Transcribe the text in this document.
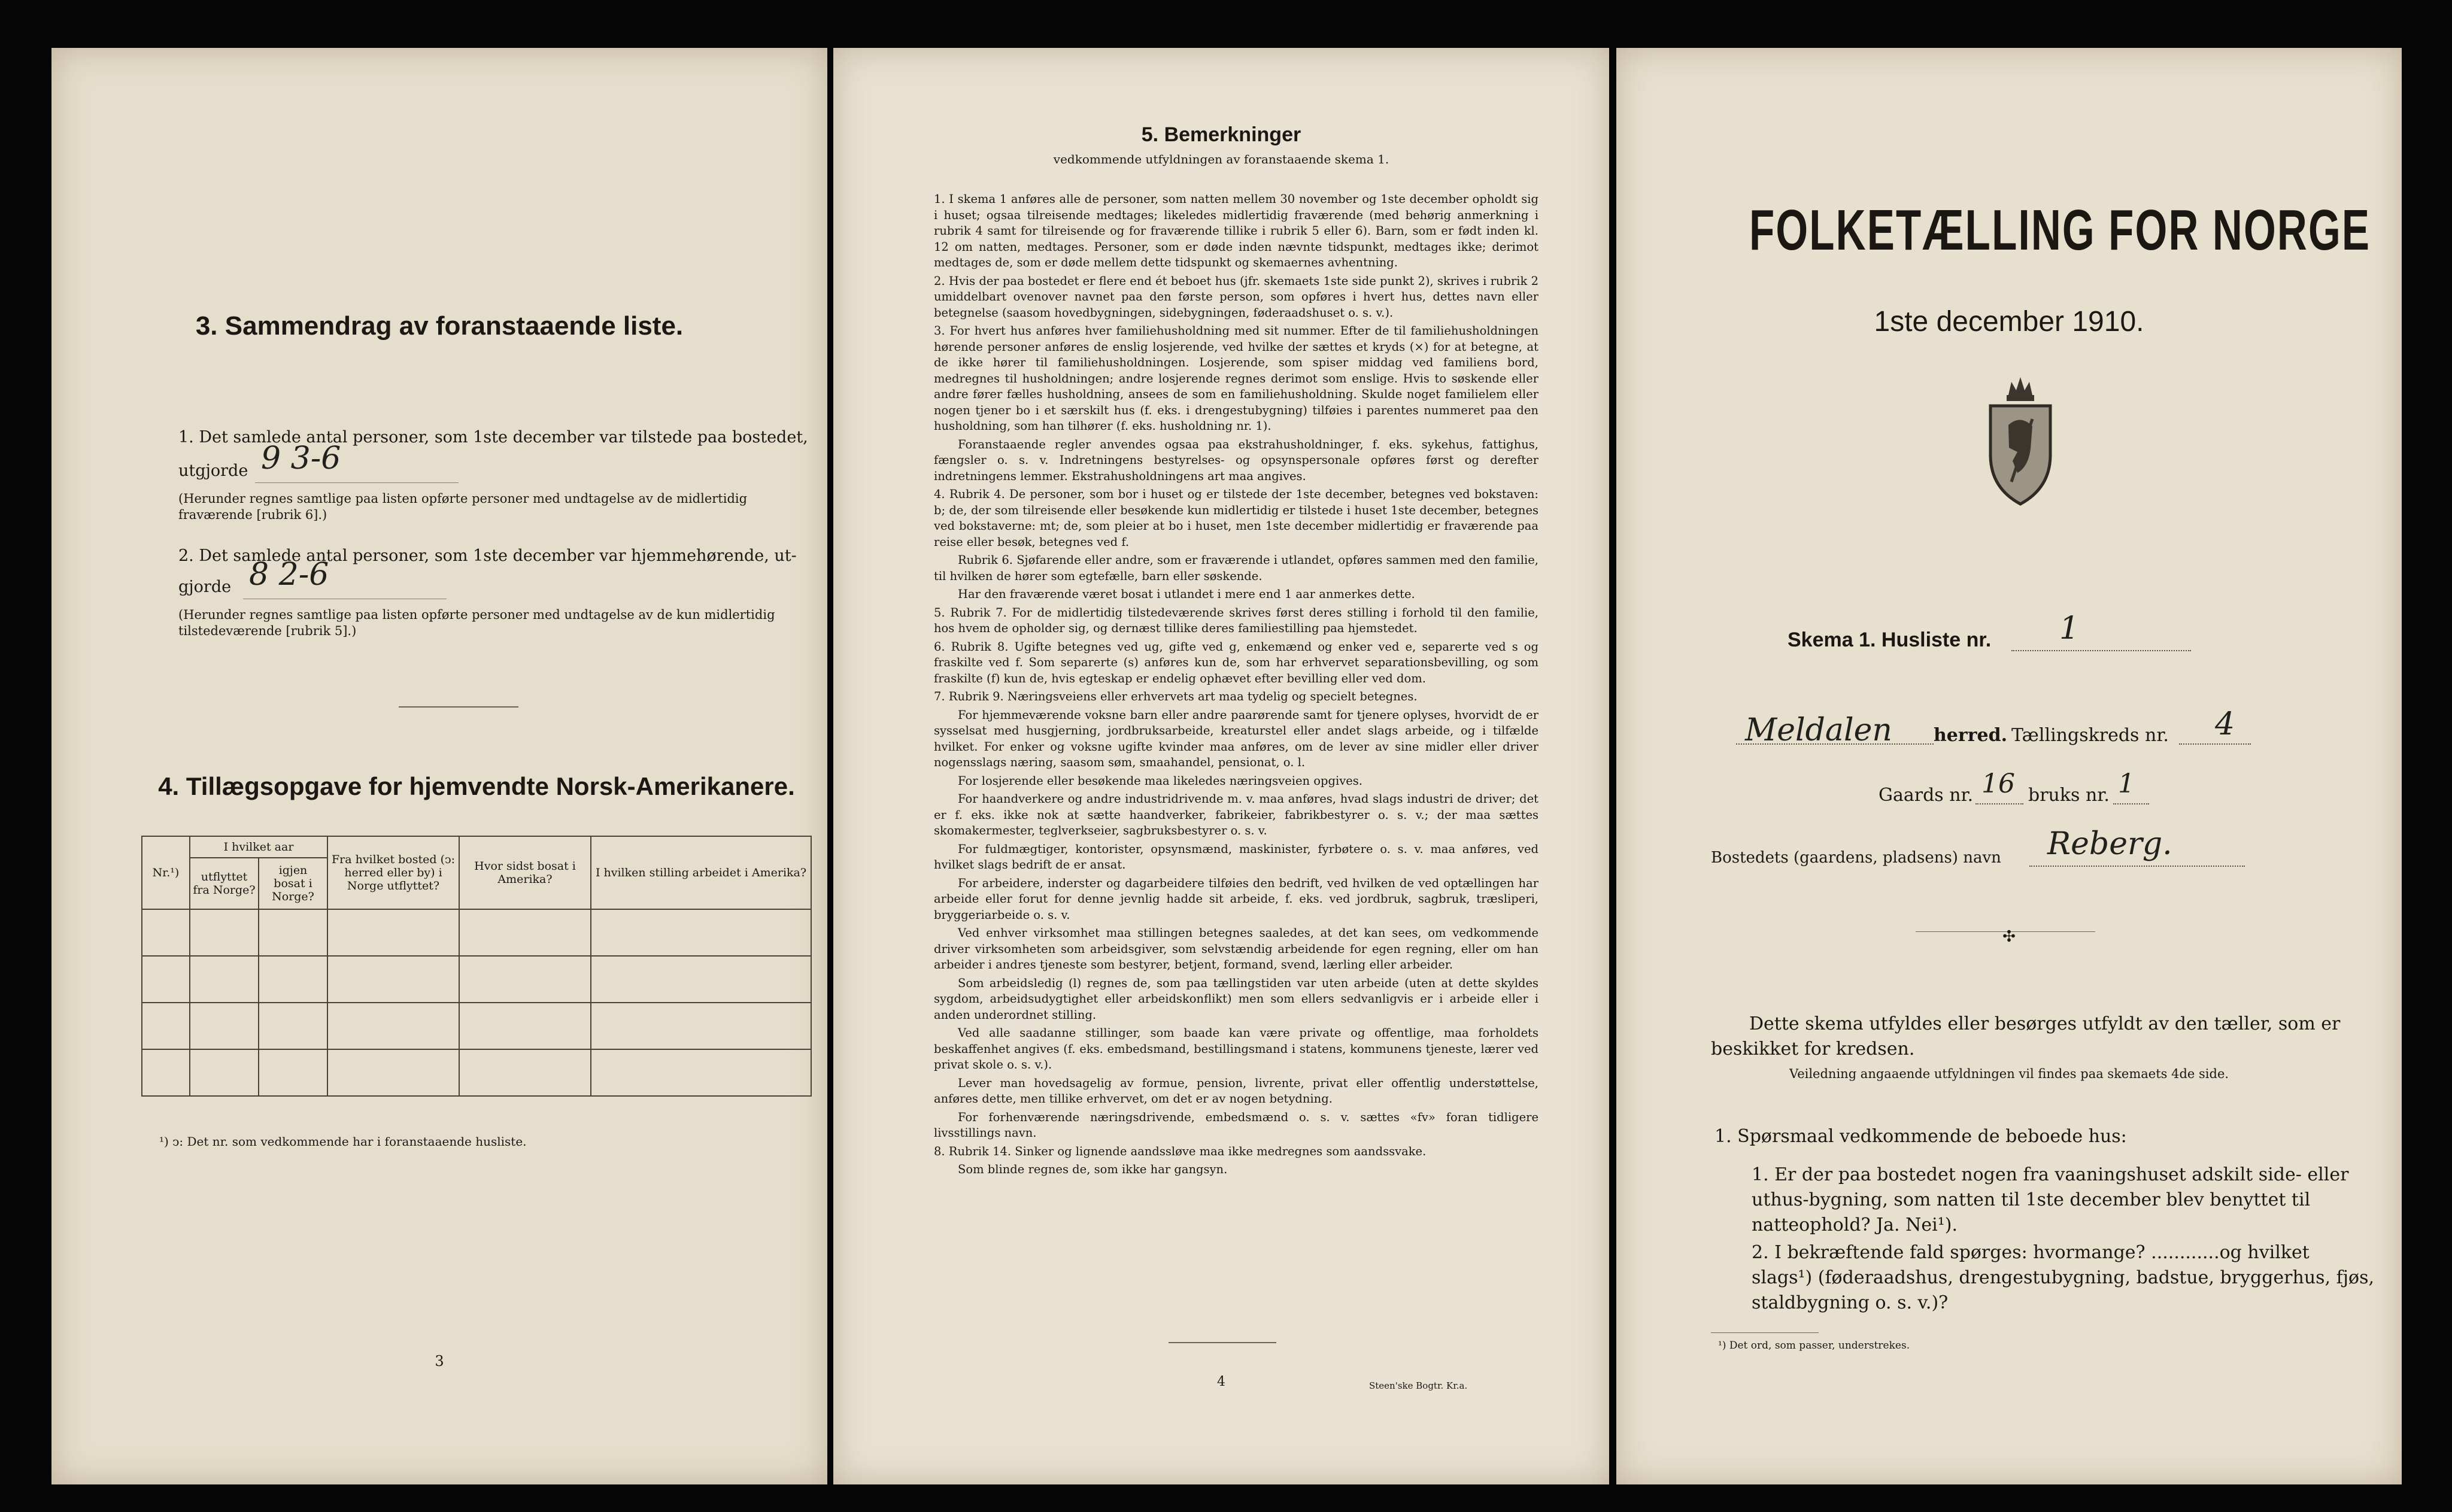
3. Sammendrag av foranstaaende liste.
1. Det samlede antal personer, som 1ste december var tilstede paa bostedet,
utgjorde 9 3-6
(Herunder regnes samtlige paa listen opførte personer med undtagelse av de midlertidig fraværende [rubrik 6].)
2. Det samlede antal personer, som 1ste december var hjemmehørende, ut-
gjorde 8 2-6
(Herunder regnes samtlige paa listen opførte personer med undtagelse av de kun midlertidig tilstedeværende [rubrik 5].)
4. Tillægsopgave for hjemvendte Norsk-Amerikanere.
Nr.¹)	I hvilket aar		Fra hvilket bosted (ↄ: herred eller by) i Norge utflyttet?	Hvor sidst bosat i Amerika?	I hvilken stilling arbeidet i Amerika?
	utflyttet fra Norge?	igjen bosat i Norge?			

¹) ↄ: Det nr. som vedkommende har i foranstaaende husliste.
3
5. Bemerkninger
vedkommende utfyldningen av foranstaaende skema 1.

1. I skema 1 anføres alle de personer, som natten mellem 30 november og 1ste december opholdt sig i huset; ogsaa tilreisende medtages; likeledes midlertidig fraværende (med behørig anmerkning i rubrik 4 samt for tilreisende og for fraværende tillike i rubrik 5 eller 6). Barn, som er født inden kl. 12 om natten, medtages. Personer, som er døde inden nævnte tidspunkt, medtages ikke; derimot medtages de, som er døde mellem dette tidspunkt og skemaernes avhentning.

2. Hvis der paa bostedet er flere end ét beboet hus (jfr. skemaets 1ste side punkt 2), skrives i rubrik 2 umiddelbart ovenover navnet paa den første person, som opføres i hvert hus, dettes navn eller betegnelse (saasom hovedbygningen, sidebygningen, føderaadshuset o. s. v.).

3. For hvert hus anføres hver familiehusholdning med sit nummer. Efter de til familiehusholdningen hørende personer anføres de enslig losjerende, ved hvilke der sættes et kryds (×) for at betegne, at de ikke hører til familiehusholdningen. Losjerende, som spiser middag ved familiens bord, medregnes til husholdningen; andre losjerende regnes derimot som enslige. Hvis to søskende eller andre fører fælles husholdning, ansees de som en familiehusholdning. Skulde noget familielem eller nogen tjener bo i et særskilt hus (f. eks. i drengestubygning) tilføies i parentes nummeret paa den husholdning, som han tilhører (f. eks. husholdning nr. 1).

Foranstaaende regler anvendes ogsaa paa ekstrahusholdninger, f. eks. sykehus, fattighus, fængsler o. s. v. Indretningens bestyrelses- og opsynspersonale opføres først og derefter indretningens lemmer. Ekstrahusholdningens art maa angives.

4. Rubrik 4. De personer, som bor i huset og er tilstede der 1ste december, betegnes ved bokstaven: b; de, der som tilreisende eller besøkende kun midlertidig er tilstede i huset 1ste december, betegnes ved bokstaverne: mt; de, som pleier at bo i huset, men 1ste december midlertidig er fraværende paa reise eller besøk, betegnes ved f.

Rubrik 6. Sjøfarende eller andre, som er fraværende i utlandet, opføres sammen med den familie, til hvilken de hører som egtefælle, barn eller søskende.

Har den fraværende været bosat i utlandet i mere end 1 aar anmerkes dette.

5. Rubrik 7. For de midlertidig tilstedeværende skrives først deres stilling i forhold til den familie, hos hvem de opholder sig, og dernæst tillike deres familiestilling paa hjemstedet.

6. Rubrik 8. Ugifte betegnes ved ug, gifte ved g, enkemænd og enker ved e, separerte ved s og fraskilte ved f. Som separerte (s) anføres kun de, som har erhvervet separationsbevilling, og som fraskilte (f) kun de, hvis egteskap er endelig ophævet efter bevilling eller ved dom.

7. Rubrik 9. Næringsveiens eller erhvervets art maa tydelig og specielt betegnes.

For hjemmeværende voksne barn eller andre paarørende samt for tjenere oplyses, hvorvidt de er sysselsat med husgjerning, jordbruksarbeide, kreaturstel eller andet slags arbeide, og i tilfælde hvilket. For enker og voksne ugifte kvinder maa anføres, om de lever av sine midler eller driver nogensslags næring, saasom søm, smaahandel, pensionat, o. l.

For losjerende eller besøkende maa likeledes næringsveien opgives.

For haandverkere og andre industridrivende m. v. maa anføres, hvad slags industri de driver; det er f. eks. ikke nok at sætte haandverker, fabrikeier, fabrikbestyrer o. s. v.; der maa sættes skomakermester, teglverkseier, sagbruksbestyrer o. s. v.

For fuldmægtiger, kontorister, opsynsmænd, maskinister, fyrbøtere o. s. v. maa anføres, ved hvilket slags bedrift de er ansat.

For arbeidere, inderster og dagarbeidere tilføies den bedrift, ved hvilken de ved optællingen har arbeide eller forut for denne jevnlig hadde sit arbeide, f. eks. ved jordbruk, sagbruk, træsliperi, bryggeriarbeide o. s. v.

Ved enhver virksomhet maa stillingen betegnes saaledes, at det kan sees, om vedkommende driver virksomheten som arbeidsgiver, som selvstændig arbeidende for egen regning, eller om han arbeider i andres tjeneste som bestyrer, betjent, formand, svend, lærling eller arbeider.

Som arbeidsledig (l) regnes de, som paa tællingstiden var uten arbeide (uten at dette skyldes sygdom, arbeidsudygtighet eller arbeidskonflikt) men som ellers sedvanligvis er i arbeide eller i anden underordnet stilling.

Ved alle saadanne stillinger, som baade kan være private og offentlige, maa forholdets beskaffenhet angives (f. eks. embedsmand, bestillingsmand i statens, kommunens tjeneste, lærer ved privat skole o. s. v.).

Lever man hovedsagelig av formue, pension, livrente, privat eller offentlig understøttelse, anføres dette, men tillike erhvervet, om det er av nogen betydning.

For forhenværende næringsdrivende, embedsmænd o. s. v. sættes «fv» foran tidligere livsstillings navn.

8. Rubrik 14. Sinker og lignende aandssløve maa ikke medregnes som aandssvake.

Som blinde regnes de, som ikke har gangsyn.

4	Steen'ske Bogtr. Kr.a.
FOLKETÆLLING FOR NORGE
1ste december 1910.
Skema 1. Husliste nr. 1
Meldalen herred. Tællingskreds nr. 4
Gaards nr. 16 bruks nr. 1
Bostedets (gaardens, pladsens) navn Reberg.
✣
Dette skema utfyldes eller besørges utfyldt av den tæller, som er beskikket for kredsen.
Veiledning angaaende utfyldningen vil findes paa skemaets 4de side.
1. Spørsmaal vedkommende de beboede hus:
1. Er der paa bostedet nogen fra vaaningshuset adskilt side- eller uthus-bygning, som natten til 1ste december blev benyttet til natteophold? Ja. Nei¹).
2. I bekræftende fald spørges: hvormange? ............og hvilket slags¹) (føderaadshus, drengestubygning, badstue, bryggerhus, fjøs, staldbygning o. s. v.)?
¹) Det ord, som passer, understrekes.
